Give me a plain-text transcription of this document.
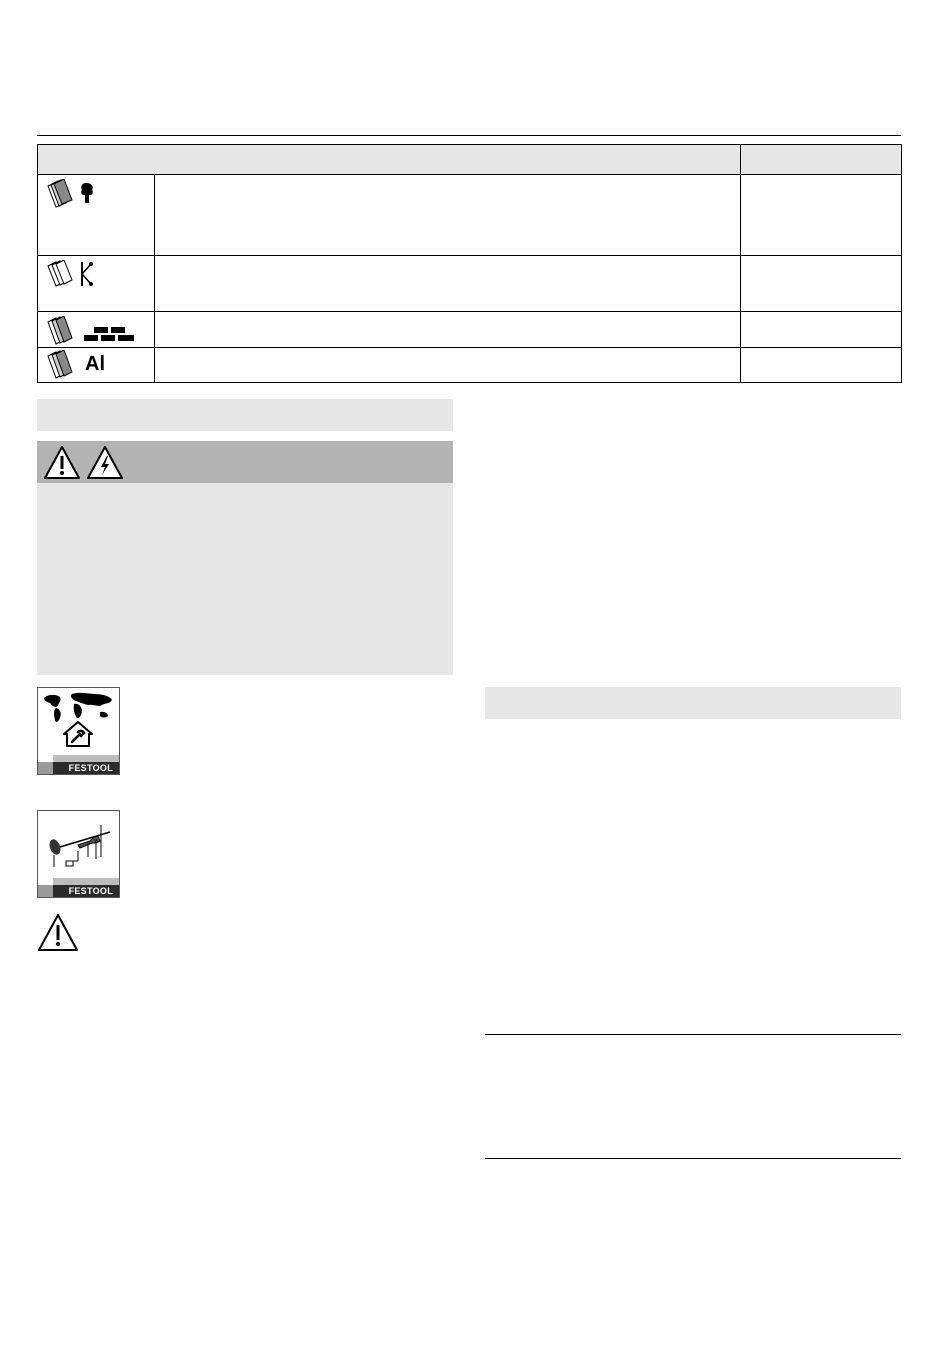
Al		

FESTOOL
FESTOOL
